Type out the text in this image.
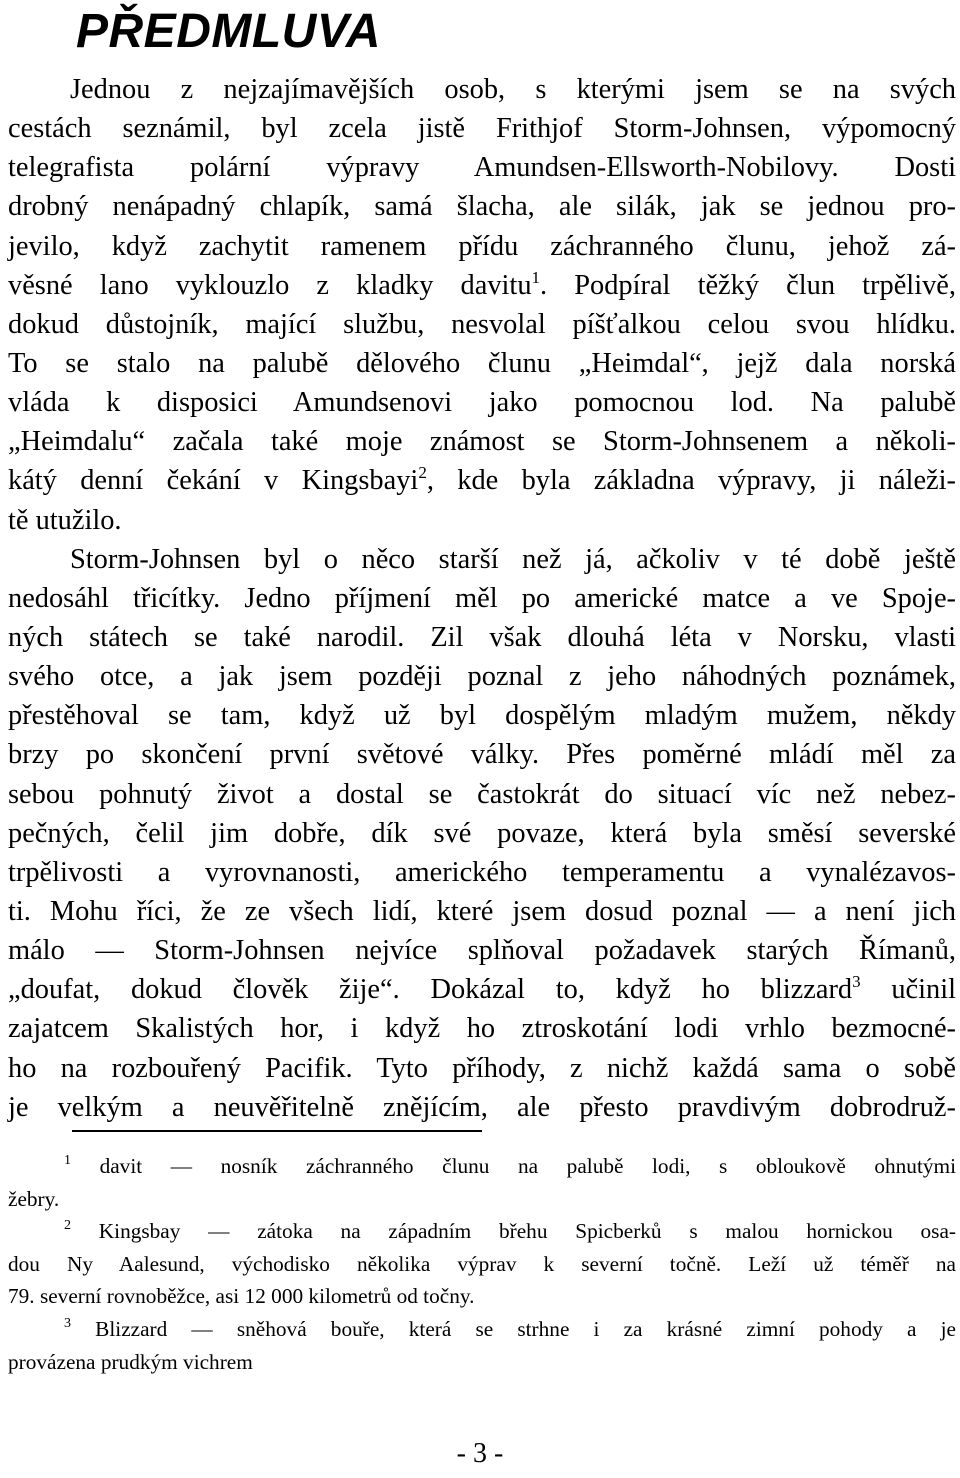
PŘEDMLUVA
Jednou z nejzajímavějších osob, s kterými jsem se na svých
cestách seznámil, byl zcela jistě Frithjof Storm-Johnsen, výpomocný
telegrafista polární výpravy Amundsen-Ellsworth-Nobilovy. Dosti
drobný nenápadný chlapík, samá šlacha, ale silák, jak se jednou pro-
jevilo, když zachytit ramenem přídu záchranného člunu, jehož zá-
věsné lano vyklouzlo z kladky davitu$^1$. Podpíral těžký člun trpělivě,
dokud důstojník, mající službu, nesvolal píšťalkou celou svou hlídku.
To se stalo na palubě dělového člunu „Heimdal“, jejž dala norská
vláda k disposici Amundsenovi jako pomocnou lod. Na palubě
„Heimdalu“ začala také moje známost se Storm-Johnsenem a několi-
kátý denní čekání v Kingsbayi$^2$, kde byla základna výpravy, ji náleži-
tě utužilo.
Storm-Johnsen byl o něco starší než já, ačkoliv v té době ještě
nedosáhl třicítky. Jedno příjmení měl po americké matce a ve Spoje-
ných státech se také narodil. Zil však dlouhá léta v Norsku, vlasti
svého otce, a jak jsem později poznal z jeho náhodných poznámek,
přestěhoval se tam, když už byl dospělým mladým mužem, někdy
brzy po skončení první světové války. Přes poměrné mládí měl za
sebou pohnutý život a dostal se častokrát do situací víc než nebez-
pečných, čelil jim dobře, dík své povaze, která byla směsí severské
trpělivosti a vyrovnanosti, amerického temperamentu a vynalézavos-
ti. Mohu říci, že ze všech lidí, které jsem dosud poznal — a není jich
málo — Storm-Johnsen nejvíce splňoval požadavek starých Římanů,
„doufat, dokud člověk žije“. Dokázal to, když ho blizzard$^3$ učinil
zajatcem Skalistých hor, i když ho ztroskotání lodi vrhlo bezmocné-
ho na rozbouřený Pacifik. Tyto příhody, z nichž každá sama o sobě
je velkým a neuvěřitelně znějícím, ale přesto pravdivým dobrodruž-
$^1$ davit — nosník záchranného člunu na palubě lodi, s obloukově ohnutými
žebry.
$^2$ Kingsbay — zátoka na západním břehu Spicberků s malou hornickou osa-
dou Ny Aalesund, východisko několika výprav k severní točně. Leží už téměř na
79. severní rovnoběžce, asi 12 000 kilometrů od točny.
$^3$ Blizzard — sněhová bouře, která se strhne i za krásné zimní pohody a je
provázena prudkým vichrem
- 3 -
